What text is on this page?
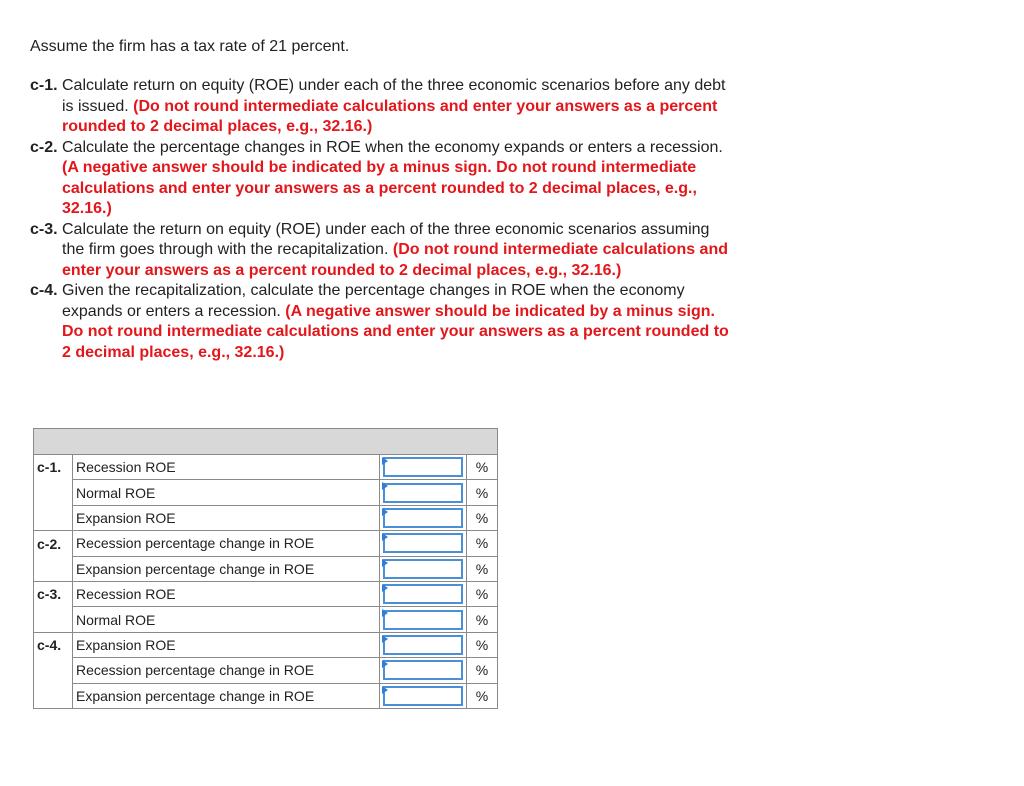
Assume the firm has a tax rate of 21 percent.

c-1. Calculate return on equity (ROE) under each of the three economic scenarios before any debt is issued. (Do not round intermediate calculations and enter your answers as a percent rounded to 2 decimal places, e.g., 32.16.)
c-2. Calculate the percentage changes in ROE when the economy expands or enters a recession. (A negative answer should be indicated by a minus sign. Do not round intermediate calculations and enter your answers as a percent rounded to 2 decimal places, e.g., 32.16.)
c-3. Calculate the return on equity (ROE) under each of the three economic scenarios assuming the firm goes through with the recapitalization. (Do not round intermediate calculations and enter your answers as a percent rounded to 2 decimal places, e.g., 32.16.)
c-4. Given the recapitalization, calculate the percentage changes in ROE when the economy expands or enters a recession. (A negative answer should be indicated by a minus sign. Do not round intermediate calculations and enter your answers as a percent rounded to 2 decimal places, e.g., 32.16.)

c-1.	Recession ROE		%
	Normal ROE		%
	Expansion ROE		%
c-2.	Recession percentage change in ROE		%
	Expansion percentage change in ROE		%
c-3.	Recession ROE		%
	Normal ROE		%
c-4.	Expansion ROE		%
	Recession percentage change in ROE		%
	Expansion percentage change in ROE		%
